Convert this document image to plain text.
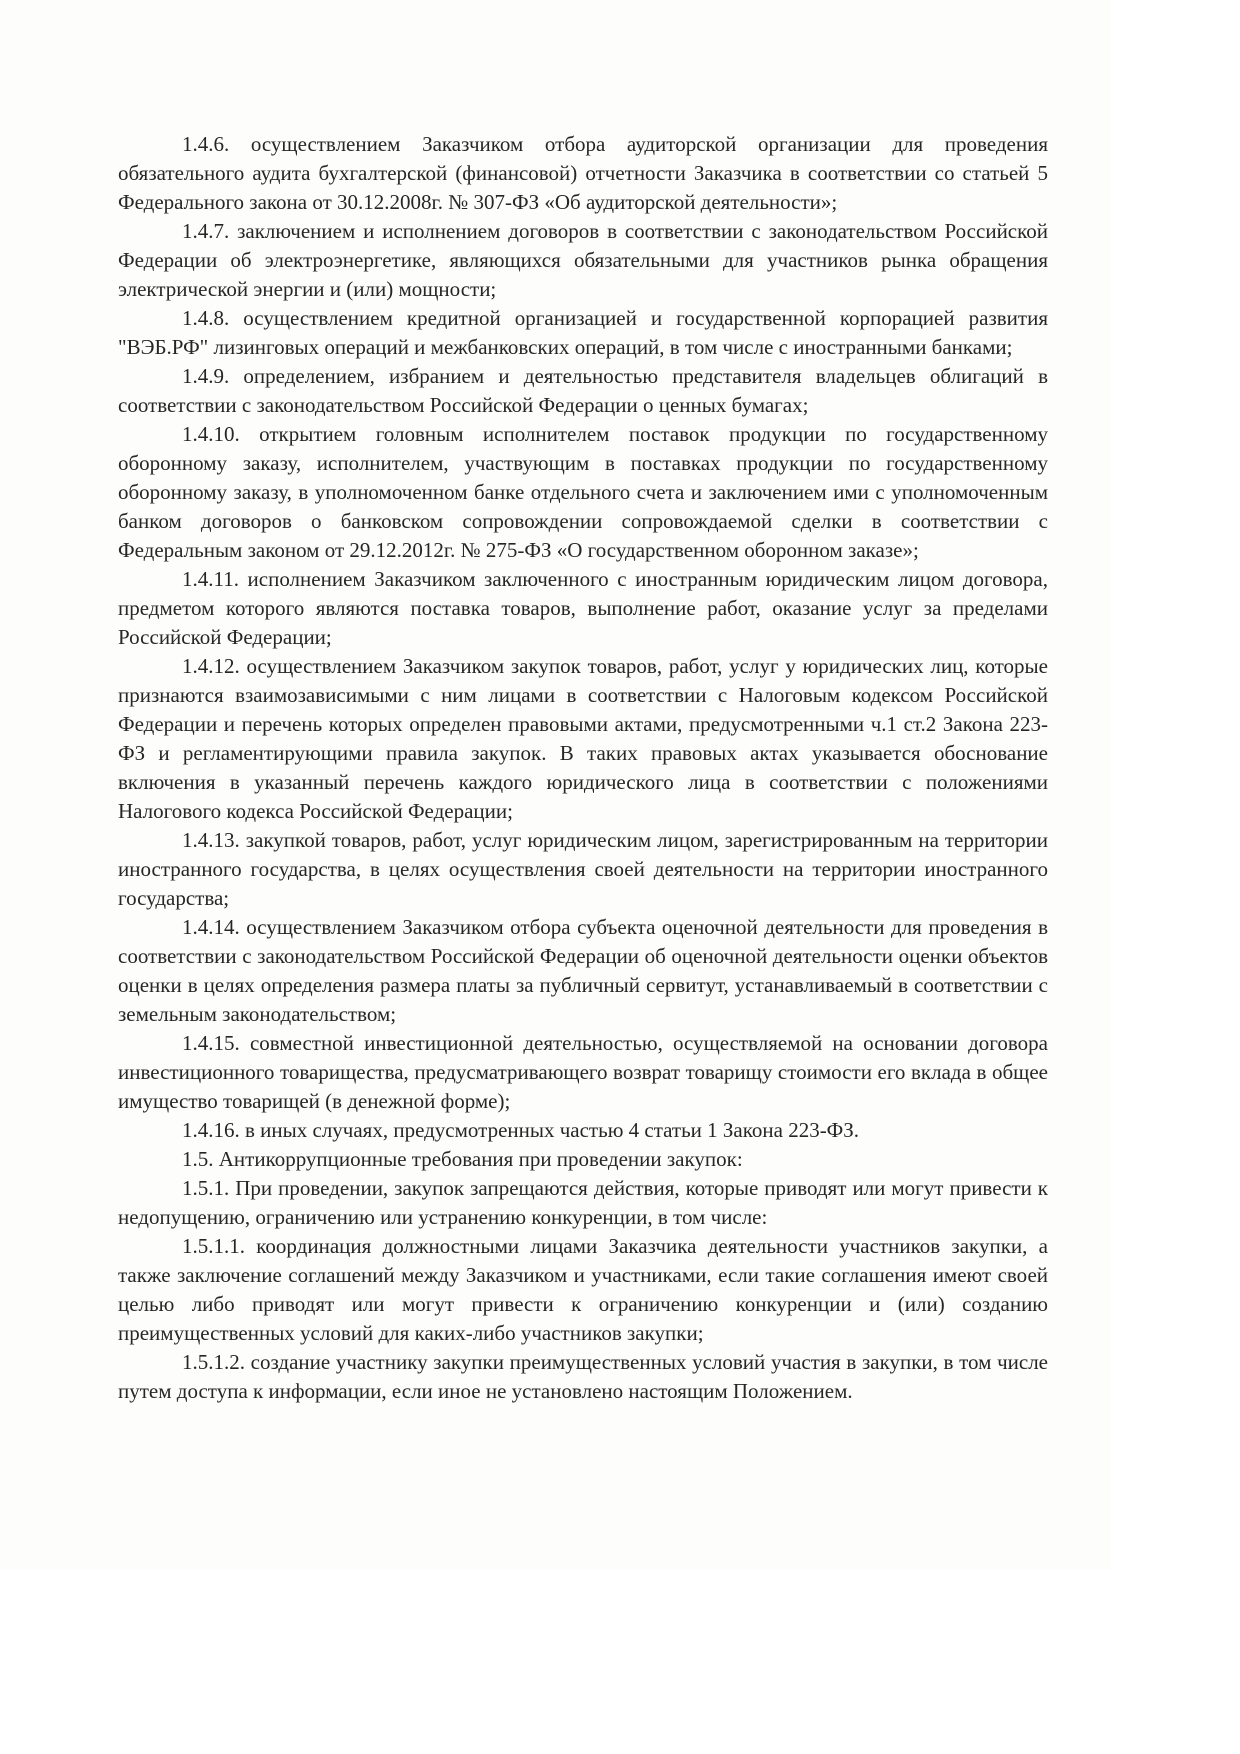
1.4.6. осуществлением Заказчиком отбора аудиторской организации для проведения обязательного аудита бухгалтерской (финансовой) отчетности Заказчика в соответствии со статьей 5 Федерального закона от 30.12.2008г. № 307-ФЗ «Об аудиторской деятельности»;

1.4.7. заключением и исполнением договоров в соответствии с законодательством Российской Федерации об электроэнергетике, являющихся обязательными для участников рынка обращения электрической энергии и (или) мощности;

1.4.8. осуществлением кредитной организацией и государственной корпорацией развития "ВЭБ.РФ" лизинговых операций и межбанковских операций, в том числе с иностранными банками;

1.4.9. определением, избранием и деятельностью представителя владельцев облигаций в соответствии с законодательством Российской Федерации о ценных бумагах;

1.4.10. открытием головным исполнителем поставок продукции по государственному оборонному заказу, исполнителем, участвующим в поставках продукции по государственному оборонному заказу, в уполномоченном банке отдельного счета и заключением ими с уполномоченным банком договоров о банковском сопровождении сопровождаемой сделки в соответствии с Федеральным законом от 29.12.2012г. № 275-ФЗ «О государственном оборонном заказе»;

1.4.11. исполнением Заказчиком заключенного с иностранным юридическим лицом договора, предметом которого являются поставка товаров, выполнение работ, оказание услуг за пределами Российской Федерации;

1.4.12. осуществлением Заказчиком закупок товаров, работ, услуг у юридических лиц, которые признаются взаимозависимыми с ним лицами в соответствии с Налоговым кодексом Российской Федерации и перечень которых определен правовыми актами, предусмотренными ч.1 ст.2 Закона 223-ФЗ и регламентирующими правила закупок. В таких правовых актах указывается обоснование включения в указанный перечень каждого юридического лица в соответствии с положениями Налогового кодекса Российской Федерации;

1.4.13. закупкой товаров, работ, услуг юридическим лицом, зарегистрированным на территории иностранного государства, в целях осуществления своей деятельности на территории иностранного государства;

1.4.14. осуществлением Заказчиком отбора субъекта оценочной деятельности для проведения в соответствии с законодательством Российской Федерации об оценочной деятельности оценки объектов оценки в целях определения размера платы за публичный сервитут, устанавливаемый в соответствии с земельным законодательством;

1.4.15. совместной инвестиционной деятельностью, осуществляемой на основании договора инвестиционного товарищества, предусматривающего возврат товарищу стоимости его вклада в общее имущество товарищей (в денежной форме);

1.4.16. в иных случаях, предусмотренных частью 4 статьи 1 Закона 223-ФЗ.

1.5. Антикоррупционные требования при проведении закупок:

1.5.1. При проведении, закупок запрещаются действия, которые приводят или могут привести к недопущению, ограничению или устранению конкуренции, в том числе:

1.5.1.1. координация должностными лицами Заказчика деятельности участников закупки, а также заключение соглашений между Заказчиком и участниками, если такие соглашения имеют своей целью либо приводят или могут привести к ограничению конкуренции и (или) созданию преимущественных условий для каких-либо участников закупки;

1.5.1.2. создание участнику закупки преимущественных условий участия в закупки, в том числе путем доступа к информации, если иное не установлено настоящим Положением.
